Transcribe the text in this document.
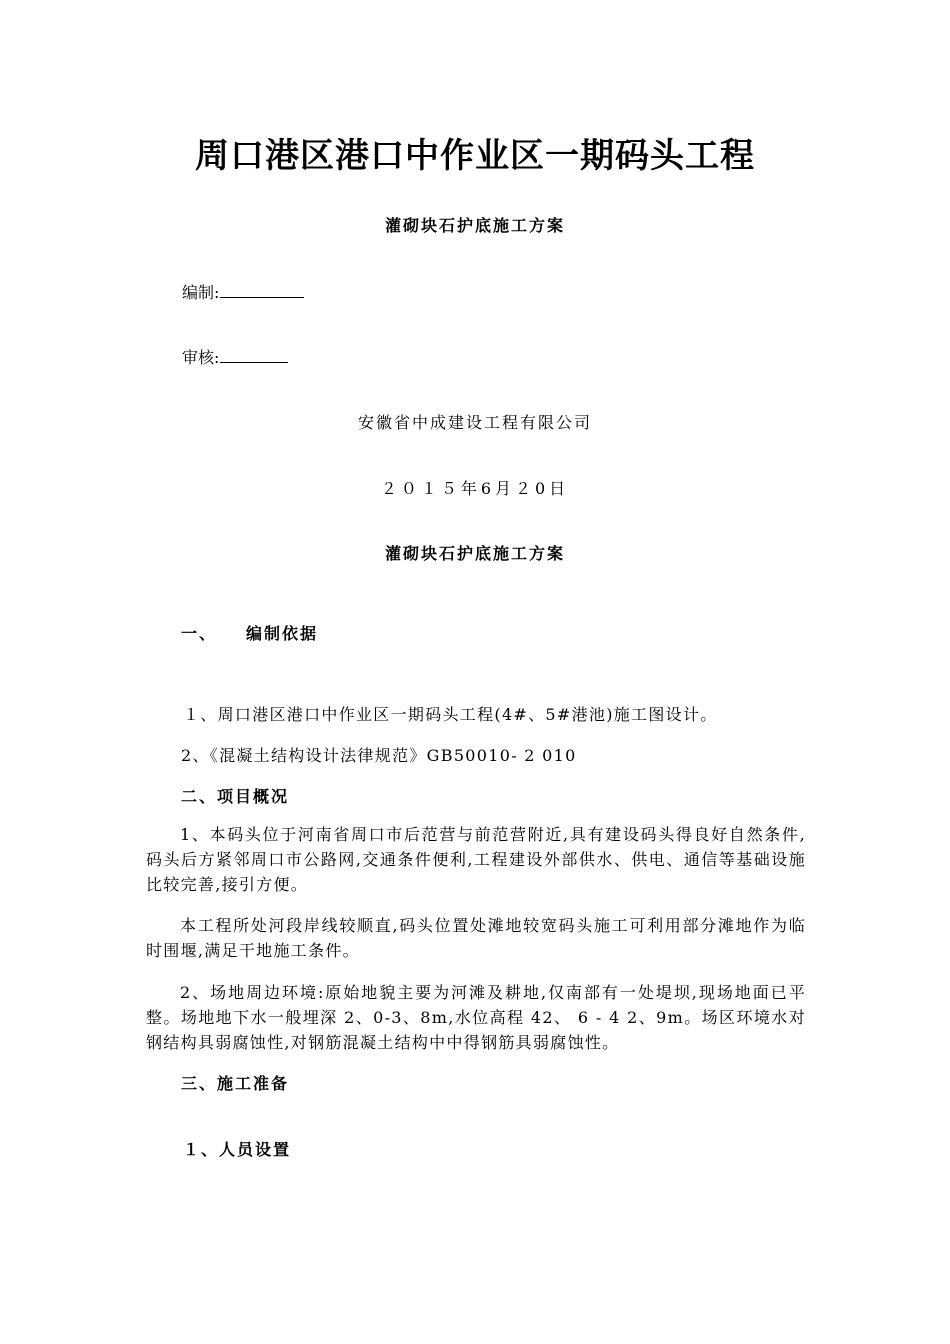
周口港区港口中作业区一期码头工程
灌砌块石护底施工方案
编制:
审核:
安徽省中成建设工程有限公司
２０１５年6月２0日
灌砌块石护底施工方案
一、 编制依据
１、周口港区港口中作业区一期码头工程(4#、5#港池)施工图设计。
2、《混凝土结构设计法律规范》GB50010- 2 010
二、项目概况
1、本码头位于河南省周口市后范营与前范营附近,具有建设码头得良好自然条件,码头后方紧邻周口市公路网,交通条件便利,工程建设外部供水、供电、通信等基础设施比较完善,接引方便。
本工程所处河段岸线较顺直,码头位置处滩地较宽码头施工可利用部分滩地作为临时围堰,满足干地施工条件。
2、场地周边环境:原始地貌主要为河滩及耕地,仅南部有一处堤坝,现场地面已平整。场地地下水一般埋深 2、0-3、8m,水位高程 42、 6 - 4 2、9m。场区环境水对钢结构具弱腐蚀性,对钢筋混凝土结构中中得钢筋具弱腐蚀性。
三、施工准备
１、人员设置
